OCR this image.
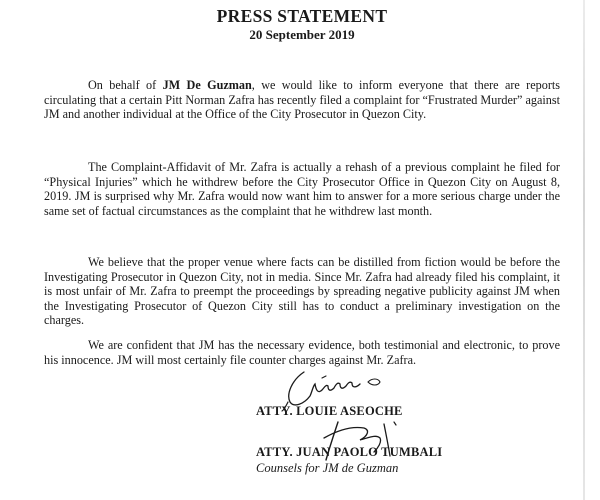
PRESS STATEMENT
20 September 2019

On behalf of JM De Guzman, we would like to inform everyone that there are reports circulating that a certain Pitt Norman Zafra has recently filed a complaint for “Frustrated Murder” against JM and another individual at the Office of the City Prosecutor in Quezon City.

The Complaint-Affidavit of Mr. Zafra is actually a rehash of a previous complaint he filed for “Physical Injuries” which he withdrew before the City Prosecutor Office in Quezon City on August 8, 2019. JM is surprised why Mr. Zafra would now want him to answer for a more serious charge under the same set of factual circumstances as the complaint that he withdrew last month.

We believe that the proper venue where facts can be distilled from fiction would be before the Investigating Prosecutor in Quezon City, not in media. Since Mr. Zafra had already filed his complaint, it is most unfair of Mr. Zafra to preempt the proceedings by spreading negative publicity against JM when the Investigating Prosecutor of Quezon City still has to conduct a preliminary investigation on the charges.

We are confident that JM has the necessary evidence, both testimonial and electronic, to prove his innocence. JM will most certainly file counter charges against Mr. Zafra.

ATTY. LOUIE ASEOCHE
ATTY. JUAN PAOLO TUMBALI
Counsels for JM de Guzman
